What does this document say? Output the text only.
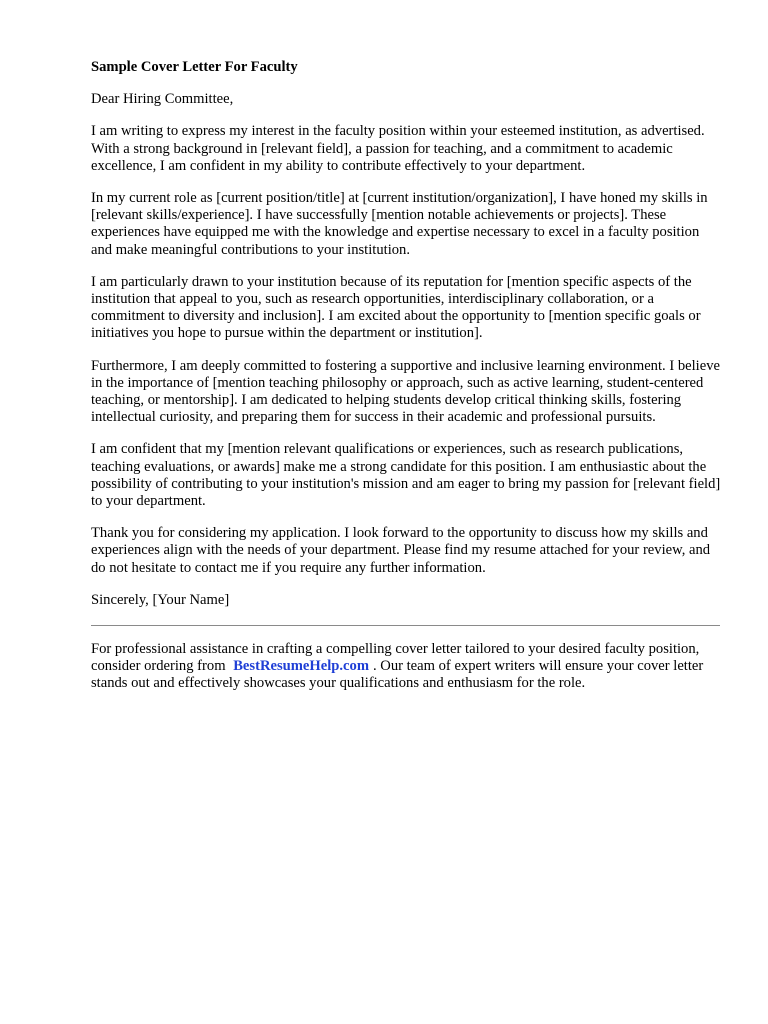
Sample Cover Letter For Faculty
Dear Hiring Committee,
I am writing to express my interest in the faculty position within your esteemed institution, as advertised. With a strong background in [relevant field], a passion for teaching, and a commitment to academic excellence, I am confident in my ability to contribute effectively to your department.
In my current role as [current position/title] at [current institution/organization], I have honed my skills in [relevant skills/experience]. I have successfully [mention notable achievements or projects]. These experiences have equipped me with the knowledge and expertise necessary to excel in a faculty position and make meaningful contributions to your institution.
I am particularly drawn to your institution because of its reputation for [mention specific aspects of the institution that appeal to you, such as research opportunities, interdisciplinary collaboration, or a commitment to diversity and inclusion]. I am excited about the opportunity to [mention specific goals or initiatives you hope to pursue within the department or institution].
Furthermore, I am deeply committed to fostering a supportive and inclusive learning environment. I believe in the importance of [mention teaching philosophy or approach, such as active learning, student-centered teaching, or mentorship]. I am dedicated to helping students develop critical thinking skills, fostering intellectual curiosity, and preparing them for success in their academic and professional pursuits.
I am confident that my [mention relevant qualifications or experiences, such as research publications, teaching evaluations, or awards] make me a strong candidate for this position. I am enthusiastic about the possibility of contributing to your institution's mission and am eager to bring my passion for [relevant field] to your department.
Thank you for considering my application. I look forward to the opportunity to discuss how my skills and experiences align with the needs of your department. Please find my resume attached for your review, and do not hesitate to contact me if you require any further information.
Sincerely, [Your Name]
For professional assistance in crafting a compelling cover letter tailored to your desired faculty position, consider ordering from BestResumeHelp.com . Our team of expert writers will ensure your cover letter stands out and effectively showcases your qualifications and enthusiasm for the role.
